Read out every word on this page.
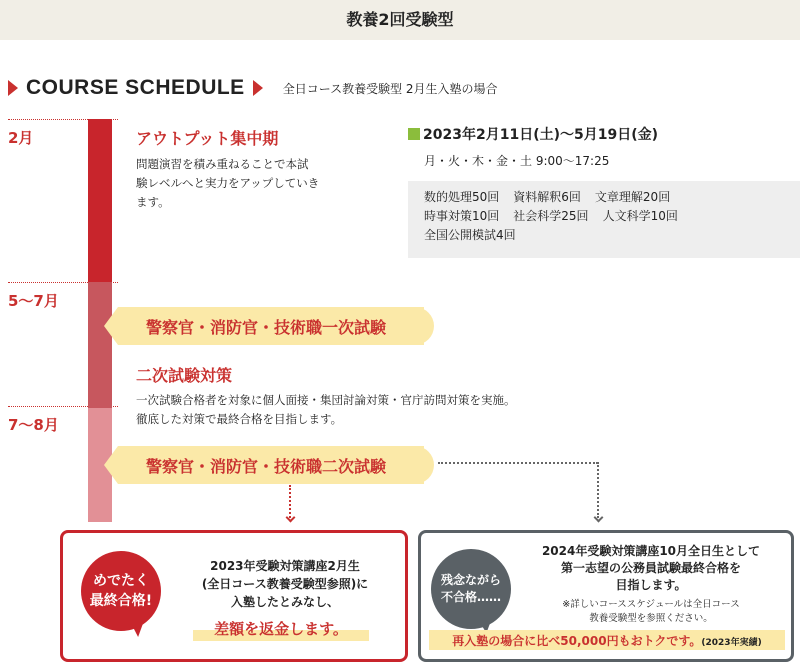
教養2回受験型
COURSE SCHEDULE	全日コース教養受験型 2月生入塾の場合
2月
5〜7月
7〜8月
アウトプット集中期
問題演習を積み重ねることで本試
験レベルへと実力をアップしていき
ます。
2023年2月11日(土)〜5月19日(金)
月・火・木・金・土 9:00〜17:25
数的処理50回 資料解釈6回 文章理解20回
時事対策10回 社会科学25回 人文科学10回
全国公開模試4回
警察官・消防官・技術職一次試験
二次試験対策
一次試験合格者を対象に個人面接・集団討論対策・官庁訪問対策を実施。
徹底した対策で最終合格を目指します。
警察官・消防官・技術職二次試験
めでたく
最終合格!
2023年受験対策講座2月生
(全日コース教養受験型参照)に
入塾したとみなし、
差額を返金します。
残念ながら
不合格……
2024年受験対策講座10月全日生として
第一志望の公務員試験最終合格を
目指します。
※詳しいコーススケジュールは全日コース
教養受験型を参照ください。
再入塾の場合に比べ50,000円もおトクです。(2023年実績)
